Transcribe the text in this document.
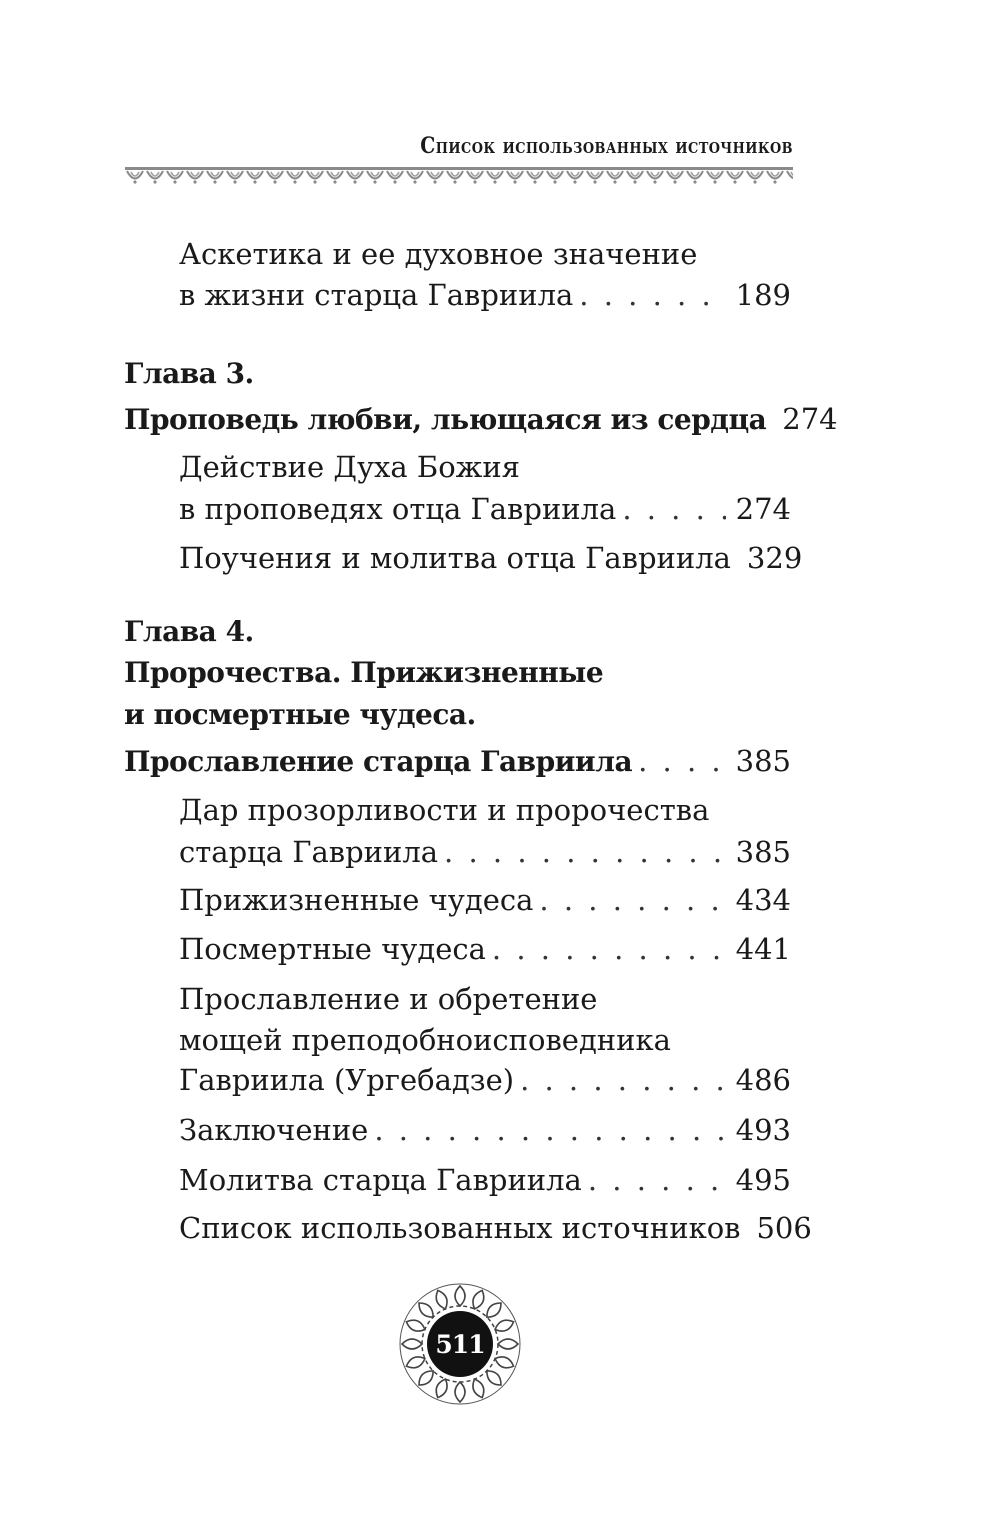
Список использованных источников
Аскетика и ее духовное значение
в жизни старца Гавриила . . .	189
Глава 3.
Проповедь любви, льющаяся из сердца 274
Действие Духа Божия
в проповедях отца Гавриила . . .	274
Поучения и молитва отца Гавриила 329
Глава 4.
Пророчества. Прижизненные
и посмертные чудеса.
Прославление старца Гавриила . . .	385
Дар прозорливости и пророчества
старца Гавриила . . .	385
Прижизненные чудеса . . .	434
Посмертные чудеса . . .	441
Прославление и обретение
мощей преподобноисповедника
Гавриила (Ургебадзе) . . .	486
Заключение . . .	493
Молитва старца Гавриила . . .	495
Список использованных источников 506
511
